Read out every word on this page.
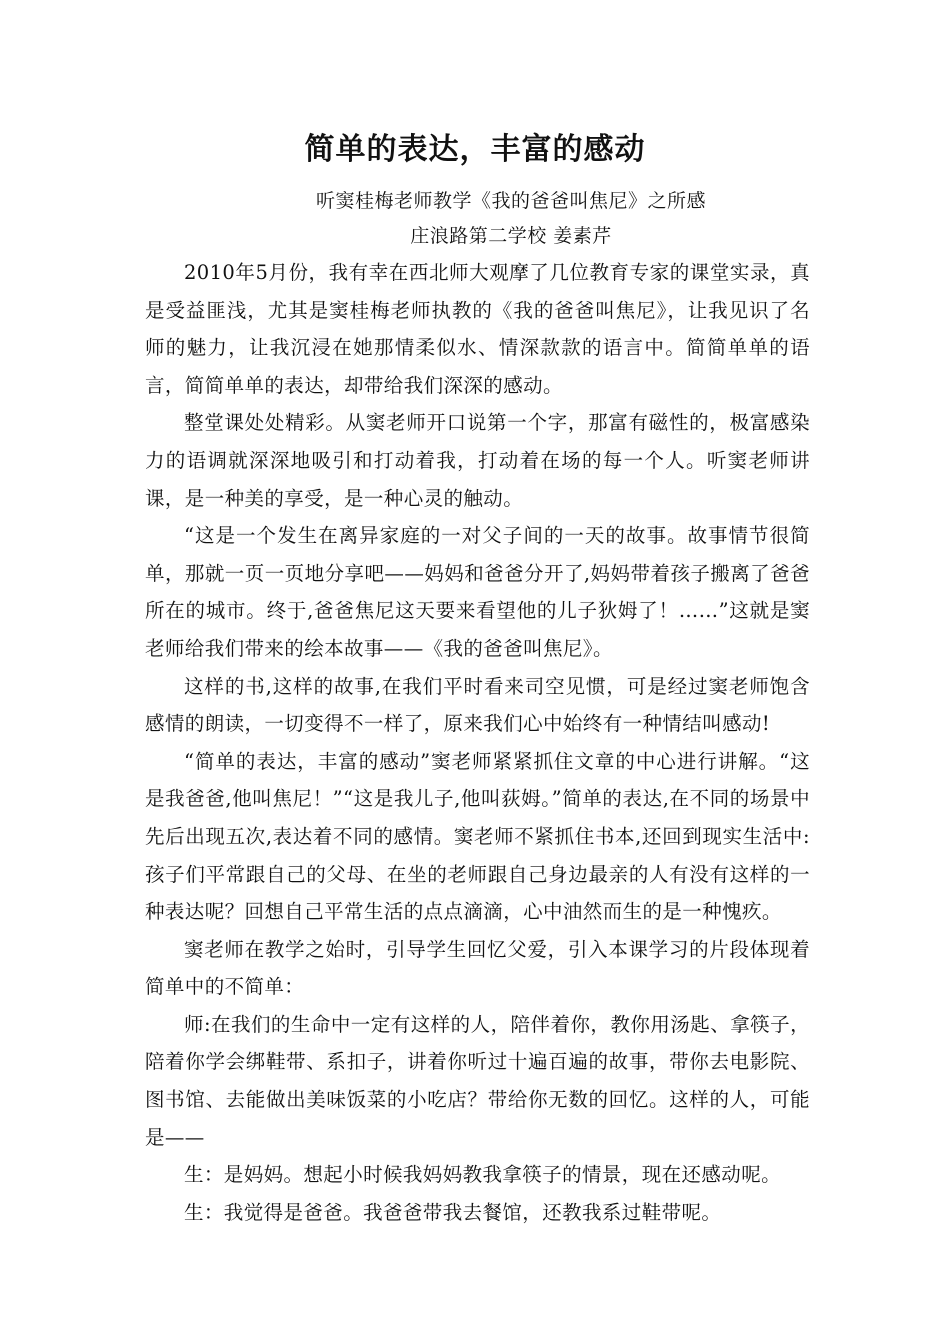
简单的表达，丰富的感动
听窦桂梅老师教学《我的爸爸叫焦尼》之所感
庄浪路第二学校 姜素芹

2010年5月份，我有幸在西北师大观摩了几位教育专家的课堂实录，真是受益匪浅，尤其是窦桂梅老师执教的《我的爸爸叫焦尼》，让我见识了名师的魅力，让我沉浸在她那情柔似水、情深款款的语言中。简简单单的语言，简简单单的表达，却带给我们深深的感动。

整堂课处处精彩。从窦老师开口说第一个字，那富有磁性的，极富感染力的语调就深深地吸引和打动着我，打动着在场的每一个人。听窦老师讲课，是一种美的享受，是一种心灵的触动。

“这是一个发生在离异家庭的一对父子间的一天的故事。故事情节很简单，那就一页一页地分享吧——妈妈和爸爸分开了,妈妈带着孩子搬离了爸爸所在的城市。终于,爸爸焦尼这天要来看望他的儿子狄姆了！……”这就是窦老师给我们带来的绘本故事——《我的爸爸叫焦尼》。

这样的书,这样的故事,在我们平时看来司空见惯，可是经过窦老师饱含感情的朗读，一切变得不一样了，原来我们心中始终有一种情结叫感动!

“简单的表达，丰富的感动”窦老师紧紧抓住文章的中心进行讲解。“这是我爸爸,他叫焦尼！”“这是我儿子,他叫荻姆。”简单的表达,在不同的场景中先后出现五次,表达着不同的感情。窦老师不紧抓住书本,还回到现实生活中:孩子们平常跟自己的父母、在坐的老师跟自己身边最亲的人有没有这样的一种表达呢？回想自己平常生活的点点滴滴，心中油然而生的是一种愧疚。

窦老师在教学之始时，引导学生回忆父爱，引入本课学习的片段体现着简单中的不简单：

师:在我们的生命中一定有这样的人，陪伴着你，教你用汤匙、拿筷子，陪着你学会绑鞋带、系扣子，讲着你听过十遍百遍的故事，带你去电影院、图书馆、去能做出美味饭菜的小吃店？带给你无数的回忆。这样的人，可能是——

生：是妈妈。想起小时候我妈妈教我拿筷子的情景，现在还感动呢。

生：我觉得是爸爸。我爸爸带我去餐馆，还教我系过鞋带呢。
